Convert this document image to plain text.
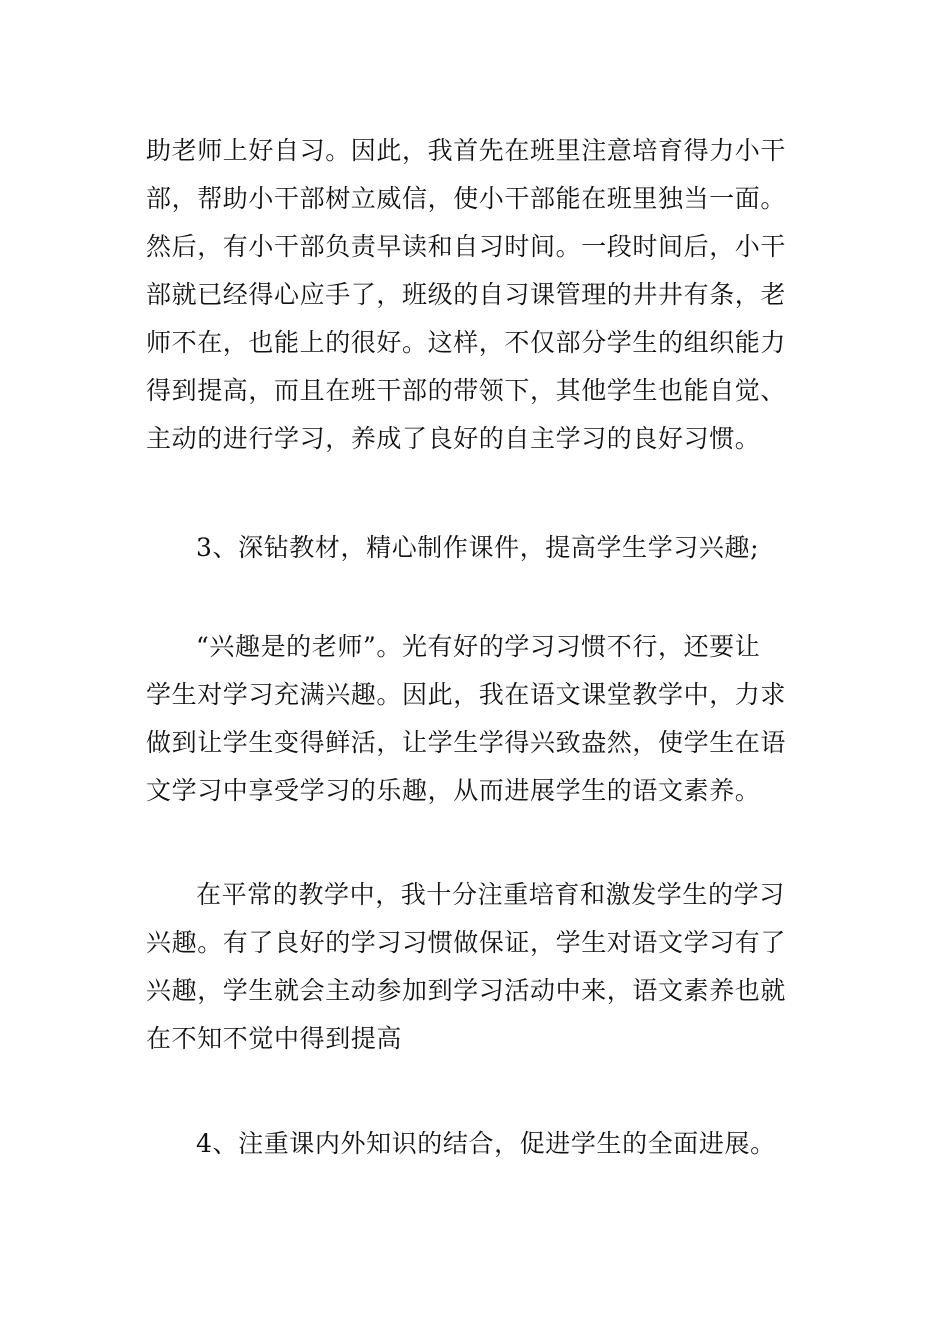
助老师上好自习。因此，我首先在班里注意培育得力小干
部，帮助小干部树立威信，使小干部能在班里独当一面。
然后，有小干部负责早读和自习时间。一段时间后，小干
部就已经得心应手了，班级的自习课管理的井井有条，老
师不在，也能上的很好。这样，不仅部分学生的组织能力
得到提高，而且在班干部的带领下，其他学生也能自觉、
主动的进行学习，养成了良好的自主学习的良好习惯。
3、深钻教材，精心制作课件，提高学生学习兴趣;
“兴趣是的老师”。光有好的学习习惯不行，还要让
学生对学习充满兴趣。因此，我在语文课堂教学中，力求
做到让学生变得鲜活，让学生学得兴致盎然，使学生在语
文学习中享受学习的乐趣，从而进展学生的语文素养。
在平常的教学中，我十分注重培育和激发学生的学习
兴趣。有了良好的学习习惯做保证，学生对语文学习有了
兴趣，学生就会主动参加到学习活动中来，语文素养也就
在不知不觉中得到提高
4、注重课内外知识的结合，促进学生的全面进展。
